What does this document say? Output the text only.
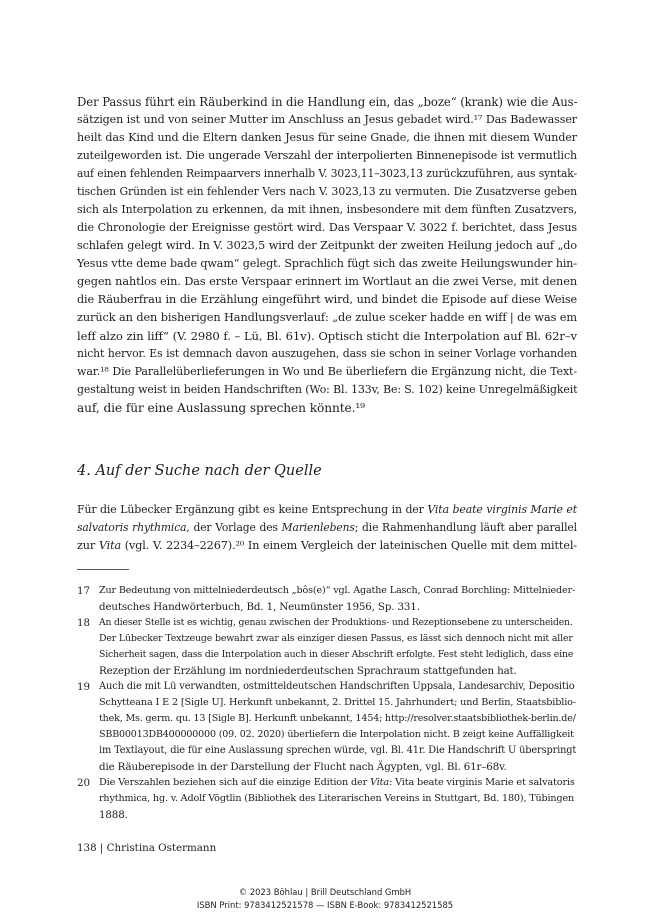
Der Passus führt ein Räuberkind in die Handlung ein, das „boze“ (krank) wie die Aus-
sätzigen ist und von seiner Mutter im Anschluss an Jesus gebadet wird.¹⁷ Das Badewasser
heilt das Kind und die Eltern danken Jesus für seine Gnade, die ihnen mit diesem Wunder
zuteilgeworden ist. Die ungerade Verszahl der interpolierten Binnenepisode ist vermutlich
auf einen fehlenden Reimpaarvers innerhalb V. 3023,11–3023,13 zurückzuführen, aus syntak-
tischen Gründen ist ein fehlender Vers nach V. 3023,13 zu vermuten. Die Zusatzverse geben
sich als Interpolation zu erkennen, da mit ihnen, insbesondere mit dem fünften Zusatzvers,
die Chronologie der Ereignisse gestört wird. Das Verspaar V. 3022 f. berichtet, dass Jesus
schlafen gelegt wird. In V. 3023,5 wird der Zeitpunkt der zweiten Heilung jedoch auf „do
Yesus vtte deme bade qwam“ gelegt. Sprachlich fügt sich das zweite Heilungswunder hin-
gegen nahtlos ein. Das erste Verspaar erinnert im Wortlaut an die zwei Verse, mit denen
die Räuberfrau in die Erzählung eingeführt wird, und bindet die Episode auf diese Weise
zurück an den bisherigen Handlungsverlauf: „de zulue sceker hadde en wiff | de was em
leff alzo zin liff“ (V. 2980 f. – Lü, Bl. 61v). Optisch sticht die Interpolation auf Bl. 62r–v
nicht hervor. Es ist demnach davon auszugehen, dass sie schon in seiner Vorlage vorhanden
war.¹⁸ Die Parallelüberlieferungen in Wo und Be überliefern die Ergänzung nicht, die Text-
gestaltung weist in beiden Handschriften (Wo: Bl. 133v, Be: S. 102) keine Unregelmäßigkeit
auf, die für eine Auslassung sprechen könnte.¹⁹
4. Auf der Suche nach der Quelle
Für die Lübecker Ergänzung gibt es keine Entsprechung in der Vita beate virginis Marie et
salvatoris rhythmica, der Vorlage des Marienlebens; die Rahmenhandlung läuft aber parallel
zur Vita (vgl. V. 2234–2267).²⁰ In einem Vergleich der lateinischen Quelle mit dem mittel-
17 Zur Bedeutung von mittelniederdeutsch „bôs(e)“ vgl. Agathe Lasch, Conrad Borchling: Mittelnieder-
deutsches Handwörterbuch, Bd. 1, Neumünster 1956, Sp. 331.
18 An dieser Stelle ist es wichtig, genau zwischen der Produktions- und Rezeptionsebene zu unterscheiden.
Der Lübecker Textzeuge bewahrt zwar als einziger diesen Passus, es lässt sich dennoch nicht mit aller
Sicherheit sagen, dass die Interpolation auch in dieser Abschrift erfolgte. Fest steht lediglich, dass eine
Rezeption der Erzählung im nordniederdeutschen Sprachraum stattgefunden hat.
19 Auch die mit Lü verwandten, ostmitteldeutschen Handschriften Uppsala, Landesarchiv, Depositio
Schytteana I E 2 [Sigle U]. Herkunft unbekannt, 2. Drittel 15. Jahrhundert; und Berlin, Staatsbiblio-
thek, Ms. germ. qu. 13 [Sigle B]. Herkunft unbekannt, 1454; http://resolver.staatsbibliothek-berlin.de/
SBB00013DB400000000 (09. 02. 2020) überliefern die Interpolation nicht. B zeigt keine Auffälligkeit
im Textlayout, die für eine Auslassung sprechen würde, vgl. Bl. 41r. Die Handschrift U überspringt
die Räuberepisode in der Darstellung der Flucht nach Ägypten, vgl. Bl. 61r–68v.
20 Die Verszahlen beziehen sich auf die einzige Edition der Vita: Vita beate virginis Marie et salvatoris
rhythmica, hg. v. Adolf Vögtlin (Bibliothek des Literarischen Vereins in Stuttgart, Bd. 180), Tübingen
1888.
138 | Christina Ostermann
© 2023 Böhlau | Brill Deutschland GmbH
ISBN Print: 9783412521578 — ISBN E-Book: 9783412521585
